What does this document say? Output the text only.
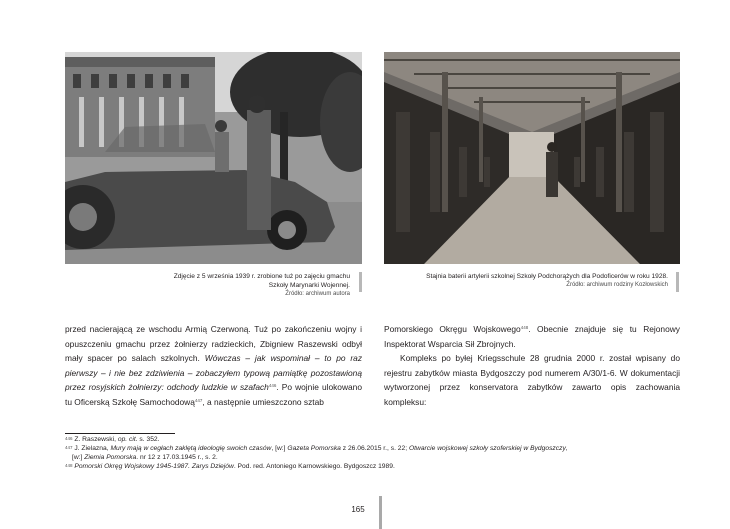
Zdjęcie z 5 września 1939 r. zrobione tuż po zajęciu gmachu
Szkoły Marynarki Wojennej.
Źródło: archiwum autora
Stajnia baterii artylerii szkolnej Szkoły Podchorążych dla Podoficerów w roku 1928.
Źródło: archiwum rodziny Kozłowskich

przed nacierającą ze wschodu Armią Czerwoną. Tuż po zakończeniu wojny i opuszczeniu gmachu przez żołnierzy radzieckich, Zbigniew Raszewski odbył mały spacer po salach szkolnych. Wówczas – jak wspominał – to po raz pierwszy – i nie bez zdziwienia – zobaczyłem typową pamiątkę pozostawioną przez rosyjskich żołnierzy: odchody ludzkie w szafach$^{446}$. Po wojnie ulokowano tu Oficerską Szkołę Samochodową$^{447}$, a następnie umieszczono sztab

Pomorskiego Okręgu Wojskowego$^{448}$. Obecnie znajduje się tu Rejonowy Inspektorat Wsparcia Sił Zbrojnych.

Kompleks po byłej Kriegsschule 28 grudnia 2000 r. został wpisany do rejestru zabytków miasta Bydgoszczy pod numerem A/30/1-6. W dokumentacji wytworzonej przez konservatora zabytków zawarto opis zachowania kompleksu:

$^{446}$ Z. Raszewski, op. cit. s. 352.
$^{447}$ J. Zielazna, Mury mają w cegłach zaklętą ideologię swoich czasów, [w:] Gazeta Pomorska z 26.06.2015 r., s. 22; Otwarcie wojskowej szkoły szoferskiej w Bydgoszczy,
[w:] Ziemia Pomorska. nr 12 z 17.03.1945 r., s. 2.
$^{448}$ Pomorski Okręg Wojskowy 1945-1987. Zarys Dziejów. Pod. red. Antoniego Karnowskiego. Bydgoszcz 1989.
165
